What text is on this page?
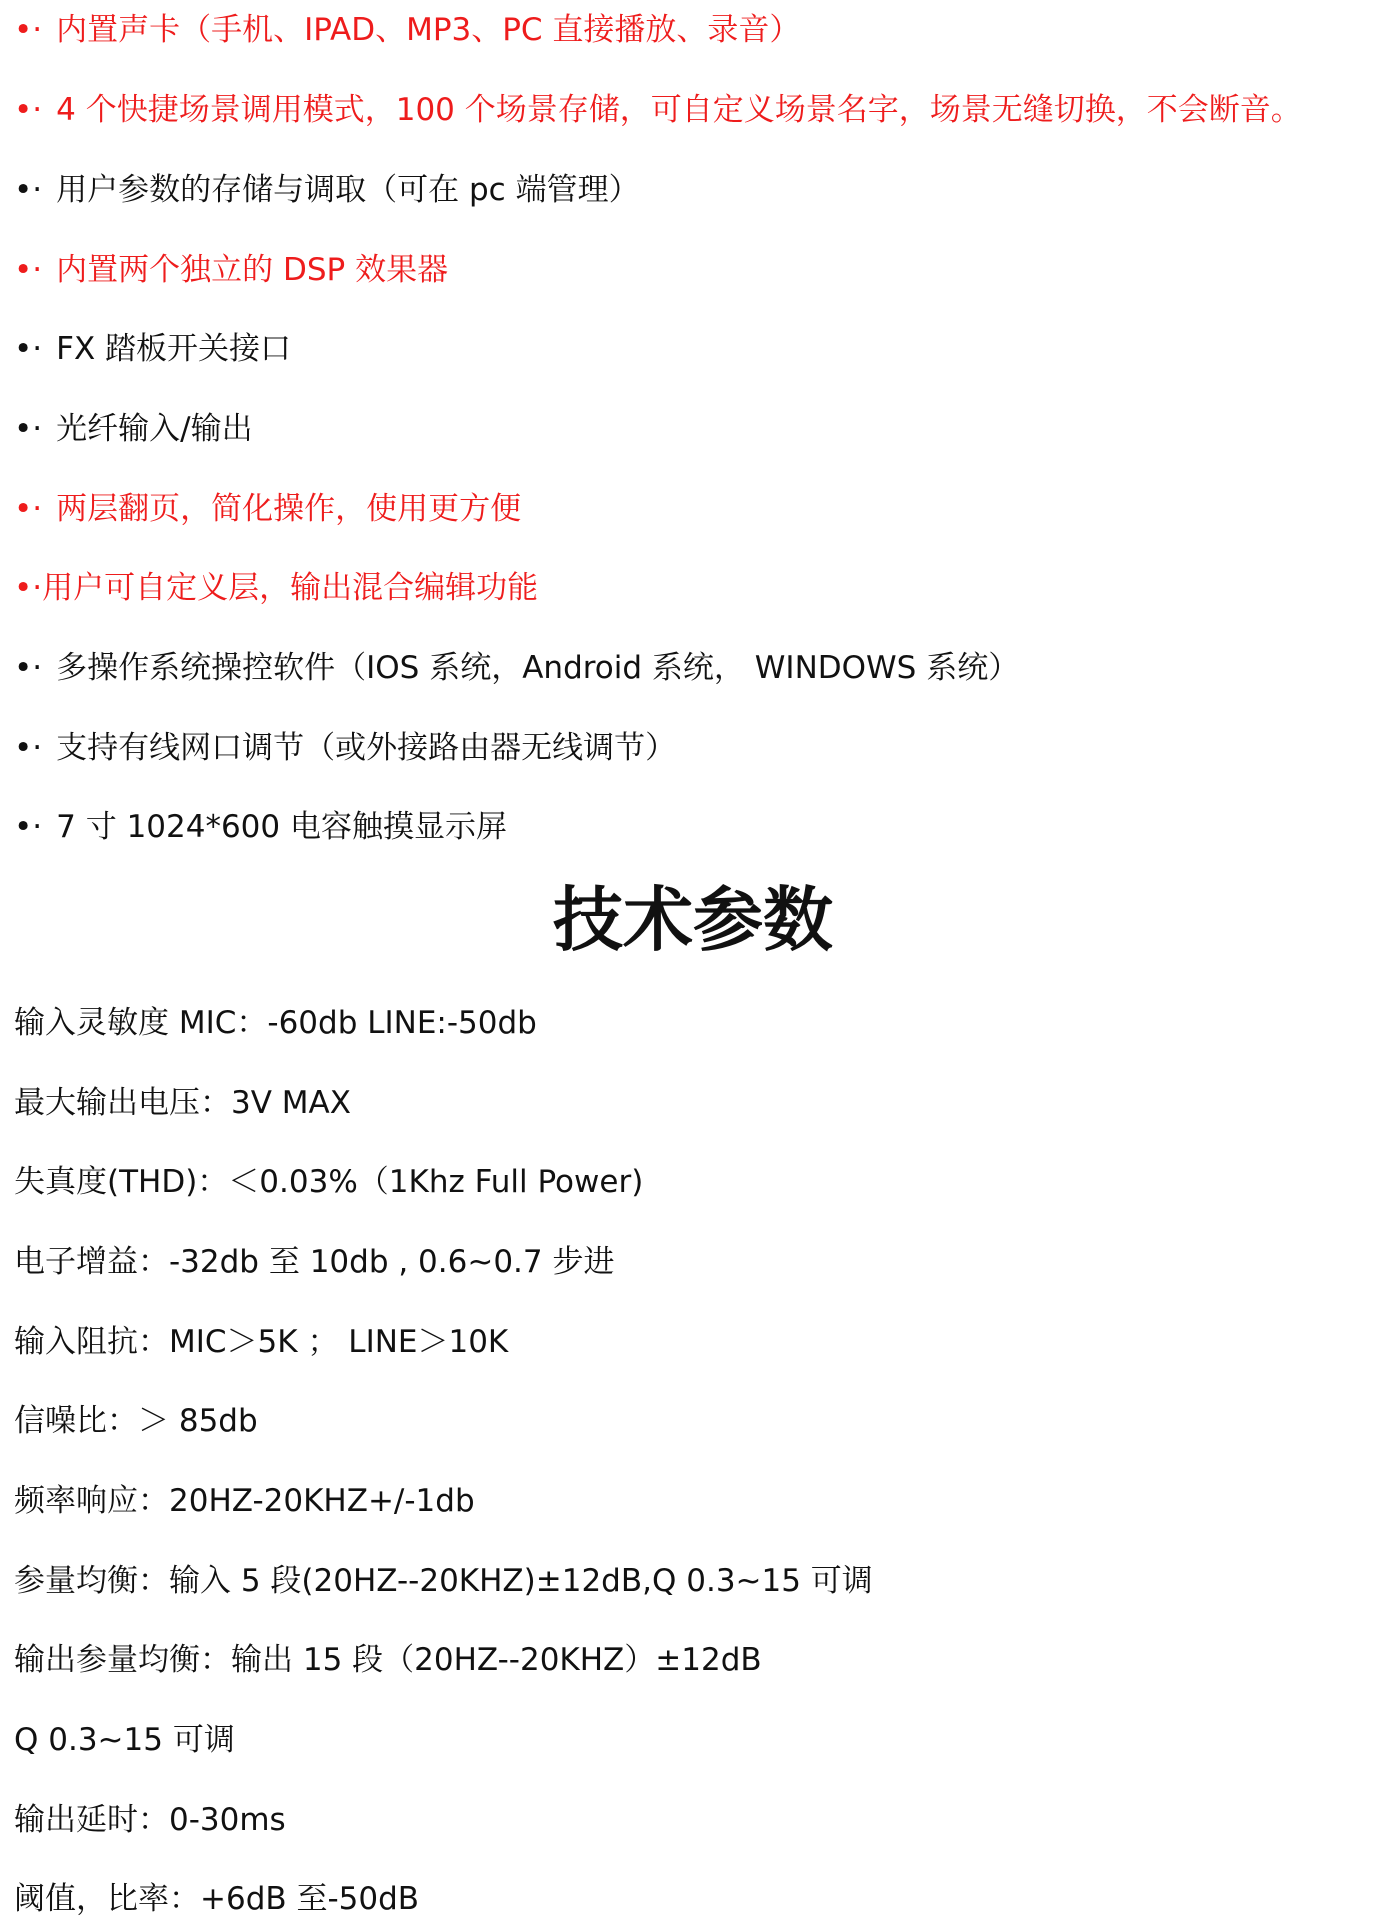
•· 内置声卡（手机、IPAD、MP3、PC 直接播放、录音）
•· 4 个快捷场景调用模式，100 个场景存储，可自定义场景名字，场景无缝切换，不会断音。
•· 用户参数的存储与调取（可在 pc 端管理）
•· 内置两个独立的 DSP 效果器
•· FX 踏板开关接口
•· 光纤输入/输出
•· 两层翻页，简化操作，使用更方便
•·用户可自定义层，输出混合编辑功能
•· 多操作系统操控软件（IOS 系统，Android 系统， WINDOWS 系统）
•· 支持有线网口调节（或外接路由器无线调节）
•· 7 寸 1024*600 电容触摸显示屏
技术参数
输入灵敏度 MIC：-60db LINE:-50db
最大输出电压：3V MAX
失真度(THD)：＜0.03%（1Khz Full Power)
电子增益：-32db 至 10db , 0.6~0.7 步进
输入阻抗：MIC＞5K ； LINE＞10K
信噪比：＞ 85db
频率响应：20HZ-20KHZ+/-1db
参量均衡：输入 5 段(20HZ--20KHZ)±12dB,Q 0.3~15 可调
输出参量均衡：输出 15 段（20HZ--20KHZ）±12dB
Q 0.3~15 可调
输出延时：0-30ms
阈值，比率：+6dB 至-50dB
